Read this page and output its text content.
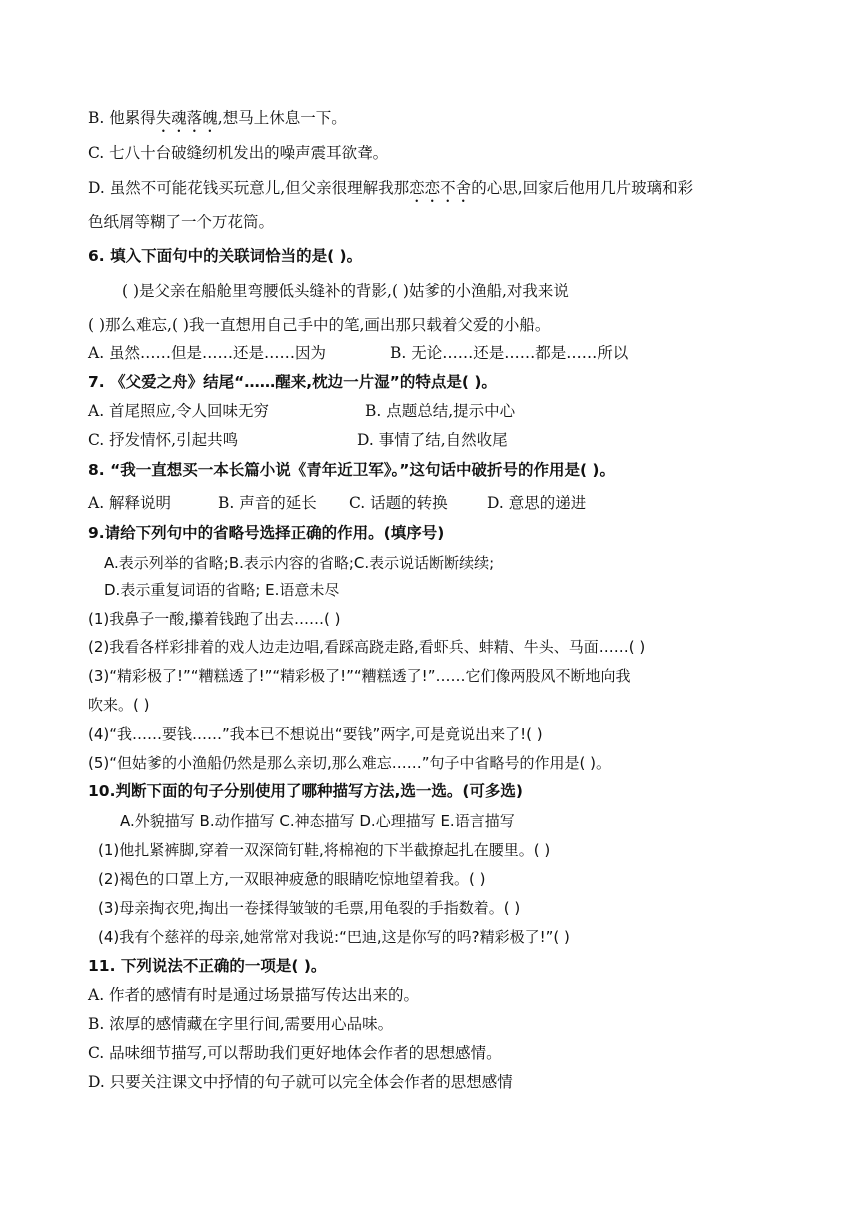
B. 他累得失魂落魄,想马上休息一下。
C. 七八十台破缝纫机发出的噪声震耳欲聋。
D. 虽然不可能花钱买玩意儿,但父亲很理解我那恋恋不舍的心思,回家后他用几片玻璃和彩
色纸屑等糊了一个万花筒。
6. 填入下面句中的关联词恰当的是( )。
( )是父亲在船舱里弯腰低头缝补的背影,( )姑爹的小渔船,对我来说
( )那么难忘,( )我一直想用自己手中的笔,画出那只载着父爱的小船。
A. 虽然……但是……还是……因为	B. 无论……还是……都是……所以
7. 《父爱之舟》结尾“……醒来,枕边一片湿”的特点是( )。
A. 首尾照应,令人回味无穷	B. 点题总结,提示中心
C. 抒发情怀,引起共鸣	D. 事情了结,自然收尾
8. “我一直想买一本长篇小说《青年近卫军》。”这句话中破折号的作用是( )。
A. 解释说明	B. 声音的延长 C. 话题的转换	D. 意思的递进
9.请给下列句中的省略号选择正确的作用。(填序号)
A.表示列举的省略;B.表示内容的省略;C.表示说话断断续续;
D.表示重复词语的省略; E.语意未尽
(1)我鼻子一酸,攥着钱跑了出去……( )
(2)我看各样彩排着的戏人边走边唱,看踩高跷走路,看虾兵、蚌精、牛头、马面……( )
(3)“精彩极了!”“糟糕透了!”“精彩极了!”“糟糕透了!”……它们像两股风不断地向我
吹来。( )
(4)“我……要钱……”我本已不想说出“要钱”两字,可是竟说出来了!( )
(5)“但姑爹的小渔船仍然是那么亲切,那么难忘……”句子中省略号的作用是( )。
10.判断下面的句子分别使用了哪种描写方法,选一选。(可多选)
A.外貌描写 B.动作描写 C.神态描写 D.心理描写 E.语言描写
(1)他扎紧裤脚,穿着一双深筒钉鞋,将棉袍的下半截撩起扎在腰里。( )
(2)褐色的口罩上方,一双眼神疲惫的眼睛吃惊地望着我。( )
(3)母亲掏衣兜,掏出一卷揉得皱皱的毛票,用龟裂的手指数着。( )
(4)我有个慈祥的母亲,她常常对我说:“巴迪,这是你写的吗?精彩极了!”( )
11. 下列说法不正确的一项是( )。
A. 作者的感情有时是通过场景描写传达出来的。
B. 浓厚的感情藏在字里行间,需要用心品味。
C. 品味细节描写,可以帮助我们更好地体会作者的思想感情。
D. 只要关注课文中抒情的句子就可以完全体会作者的思想感情
